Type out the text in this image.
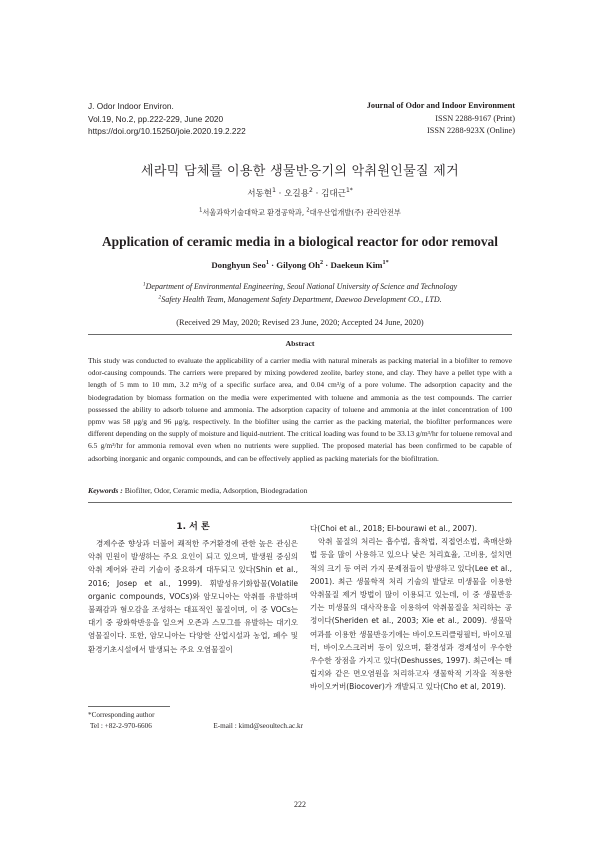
J. Odor Indoor Environ.
Vol.19, No.2, pp.222-229, June 2020
https://doi.org/10.15250/joie.2020.19.2.222
Journal of Odor and Indoor Environment
ISSN 2288-9167 (Print)
ISSN 2288-923X (Online)
세라믹 담체를 이용한 생물반응기의 악취원인물질 제거
서동현$^1$ · 오길용$^2$ · 김대근$^{1*}$
$^1$서울과학기술대학교 환경공학과, $^2$대우산업개발(주) 관리안전부
Application of ceramic media in a biological reactor for odor removal
Donghyun Seo$^1$ · Gilyong $Oh^2$ · Daekeun Kim$^{1*}$
$^1$Department of Environmental Engineering, Seoul National University of Science and Technology
$^2$Safety Health Team, Management Safety Department, Daewoo Development CO., LTD.
(Received 29 May, 2020; Revised 23 June, 2020; Accepted 24 June, 2020)
Abstract
This study was conducted to evaluate the applicability of a carrier media with natural minerals as packing material in a biofilter to remove odor-causing compounds. The carriers were prepared by mixing powdered zeolite, barley stone, and clay. They have a pellet type with a length of 5 mm to 10 mm, 3.2 m²/g of a specific surface area, and 0.04 cm³/g of a pore volume. The adsorption capacity and the biodegradation by biomass formation on the media were experimented with toluene and ammonia as the test compounds. The carrier possessed the ability to adsorb toluene and ammonia. The adsorption capacity of toluene and ammonia at the inlet concentration of 100 ppmv was 58 μg/g and 96 μg/g, respectively. In the biofilter using the carrier as the packing material, the biofilter performances were different depending on the supply of moisture and liquid-nutrient. The critical loading was found to be 33.13 g/m³/hr for toluene removal and 6.5 g/m³/hr for ammonia removal even when no nutrients were supplied. The proposed material has been confirmed to be capable of adsorbing inorganic and organic compounds, and can be effectively applied as packing materials for the biofiltration.
Keywords : Biofilter, Odor, Ceramic media, Adsorption, Biodegradation
1. 서 론

경제수준 향상과 더불어 쾌적한 주거환경에 관한 높은 관심은 악취 민원이 발생하는 주요 요인이 되고 있으며, 발생원 중심의 악취 제어와 관리 기술이 중요하게 대두되고 있다(Shin et al., 2016; Josep et al., 1999). 휘발성유기화합물(Volatile organic compounds, VOCs)와 암모니아는 악취를 유발하며 불쾌감과 혐오감을 조성하는 대표적인 물질이며, 이 중 VOCs는 대기 중 광화학반응을 일으켜 오존과 스모그를 유발하는 대기오염물질이다. 또한, 암모니아는 다양한 산업시설과 농업, 폐수 및 환경기초시설에서 발생되는 주요 오염물질이

다(Choi et al., 2018; El-bourawi et al., 2007).

악취 물질의 처리는 흡수법, 흡착법, 직접연소법, 촉매산화법 등을 많이 사용하고 있으나 낮은 처리효율, 고비용, 설치면적의 크기 등 여러 가지 문제점들이 발생하고 있다(Lee et al., 2001). 최근 생물학적 처리 기술의 발달로 미생물을 이용한 악취물질 제거 방법이 많이 이용되고 있는데, 이 중 생물반응기는 미생물의 대사작용을 이용하여 악취물질을 처리하는 공정이다(Sheriden et al., 2003; Xie et al., 2009). 생물막 여과를 이용한 생물반응기에는 바이오트리클링필터, 바이오필터, 바이오스크러버 등이 있으며, 환경성과 경제성이 우수한 우수한 장점을 가지고 있다(Deshusses, 1997). 최근에는 매립지와 같은 면오염원을 처리하고자 생물학적 기작을 적용한 바이오커버(Biocover)가 개발되고 있다(Cho et al, 2019).

*Corresponding author
Tel : +82-2-970-6606	E-mail : kimd@seoultech.ac.kr
222
